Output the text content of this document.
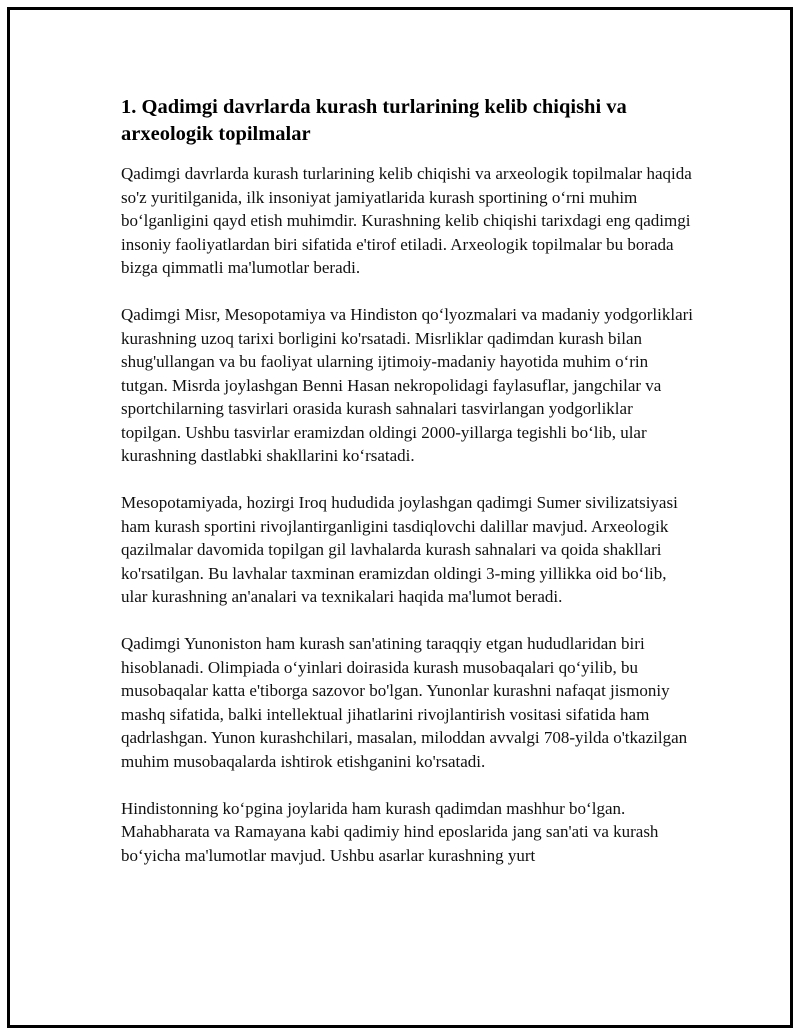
1. Qadimgi davrlarda kurash turlarining kelib chiqishi va arxeologik topilmalar

Qadimgi davrlarda kurash turlarining kelib chiqishi va arxeologik topilmalar haqida so'z yuritilganida, ilk insoniyat jamiyatlarida kurash sportining o‘rni muhim bo‘lganligini qayd etish muhimdir. Kurashning kelib chiqishi tarixdagi eng qadimgi insoniy faoliyatlardan biri sifatida e'tirof etiladi. Arxeologik topilmalar bu borada bizga qimmatli ma'lumotlar beradi.

Qadimgi Misr, Mesopotamiya va Hindiston qo‘lyozmalari va madaniy yodgorliklari kurashning uzoq tarixi borligini ko'rsatadi. Misrliklar qadimdan kurash bilan shug'ullangan va bu faoliyat ularning ijtimoiy-madaniy hayotida muhim o‘rin tutgan. Misrda joylashgan Benni Hasan nekropolidagi faylasuflar, jangchilar va sportchilarning tasvirlari orasida kurash sahnalari tasvirlangan yodgorliklar topilgan. Ushbu tasvirlar eramizdan oldingi 2000-yillarga tegishli bo‘lib, ular kurashning dastlabki shakllarini ko‘rsatadi.

Mesopotamiyada, hozirgi Iroq hududida joylashgan qadimgi Sumer sivilizatsiyasi ham kurash sportini rivojlantirganligini tasdiqlovchi dalillar mavjud. Arxeologik qazilmalar davomida topilgan gil lavhalarda kurash sahnalari va qoida shakllari ko'rsatilgan. Bu lavhalar taxminan eramizdan oldingi 3-ming yillikka oid bo‘lib, ular kurashning an'analari va texnikalari haqida ma'lumot beradi.

Qadimgi Yunoniston ham kurash san'atining taraqqiy etgan hududlaridan biri hisoblanadi. Olimpiada o‘yinlari doirasida kurash musobaqalari qo‘yilib, bu musobaqalar katta e'tiborga sazovor bo'lgan. Yunonlar kurashni nafaqat jismoniy mashq sifatida, balki intellektual jihatlarini rivojlantirish vositasi sifatida ham qadrlashgan. Yunon kurashchilari, masalan, miloddan avvalgi 708-yilda o'tkazilgan muhim musobaqalarda ishtirok etishganini ko'rsatadi.

Hindistonning ko‘pgina joylarida ham kurash qadimdan mashhur bo‘lgan. Mahabharata va Ramayana kabi qadimiy hind eposlarida jang san'ati va kurash bo‘yicha ma'lumotlar mavjud. Ushbu asarlar kurashning yurt
